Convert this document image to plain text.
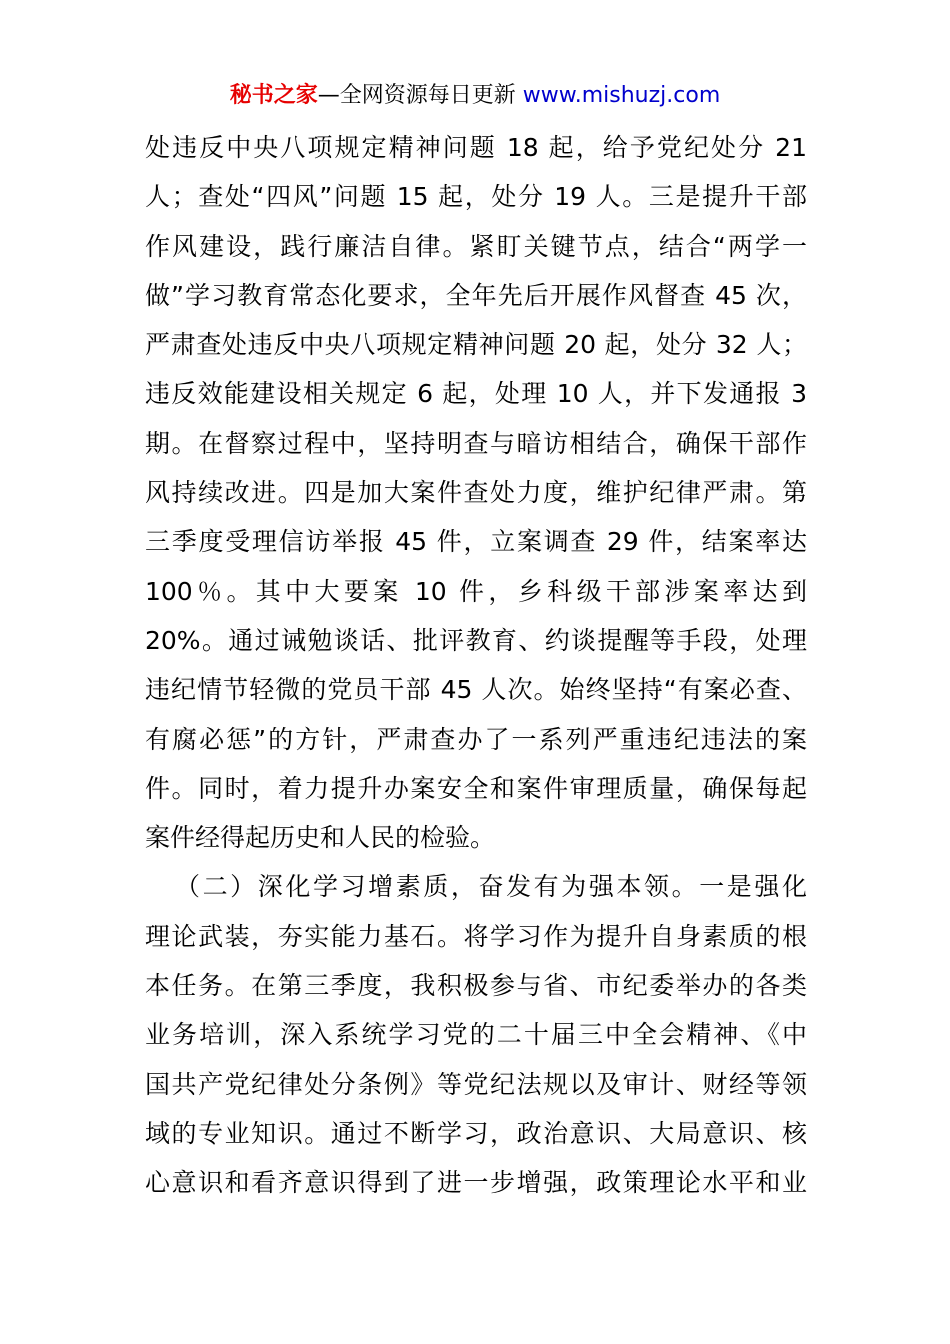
秘书之家—全网资源每日更新 www.mishuzj.com
处违反中央八项规定精神问题 18 起，给予党纪处分 21
人；查处“四风”问题 15 起，处分 19 人。三是提升干部
作风建设，践行廉洁自律。紧盯关键节点，结合“两学一
做”学习教育常态化要求，全年先后开展作风督查 45 次，
严肃查处违反中央八项规定精神问题 20 起，处分 32 人；
违反效能建设相关规定 6 起，处理 10 人，并下发通报 3
期。在督察过程中，坚持明查与暗访相结合，确保干部作
风持续改进。四是加大案件查处力度，维护纪律严肃。第
三季度受理信访举报 45 件，立案调查 29 件，结案率达
100％。其中大要案 10 件，乡科级干部涉案率达到
20%。通过诫勉谈话、批评教育、约谈提醒等手段，处理
违纪情节轻微的党员干部 45 人次。始终坚持“有案必查、
有腐必惩”的方针，严肃查办了一系列严重违纪违法的案
件。同时，着力提升办案安全和案件审理质量，确保每起
案件经得起历史和人民的检验。
（二）深化学习增素质，奋发有为强本领。一是强化
理论武装，夯实能力基石。将学习作为提升自身素质的根
本任务。在第三季度，我积极参与省、市纪委举办的各类
业务培训，深入系统学习党的二十届三中全会精神、《中
国共产党纪律处分条例》等党纪法规以及审计、财经等领
域的专业知识。通过不断学习，政治意识、大局意识、核
心意识和看齐意识得到了进一步增强，政策理论水平和业
